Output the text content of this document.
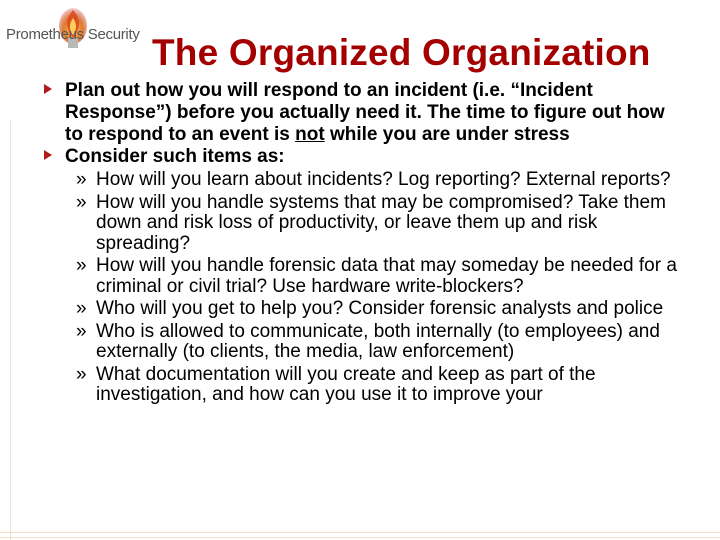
Prometheus Security The Organized Organization
Plan out how you will respond to an incident (i.e. “Incident Response”) before you actually need it. The time to figure out how to respond to an event is not while you are under stress
Consider such items as:
» How will you learn about incidents? Log reporting? External reports?
» How will you handle systems that may be compromised? Take them down and risk loss of productivity, or leave them up and risk spreading?
» How will you handle forensic data that may someday be needed for a criminal or civil trial? Use hardware write-blockers?
» Who will you get to help you? Consider forensic analysts and police
» Who is allowed to communicate, both internally (to employees) and externally (to clients, the media, law enforcement)
» What documentation will you create and keep as part of the investigation, and how can you use it to improve your
